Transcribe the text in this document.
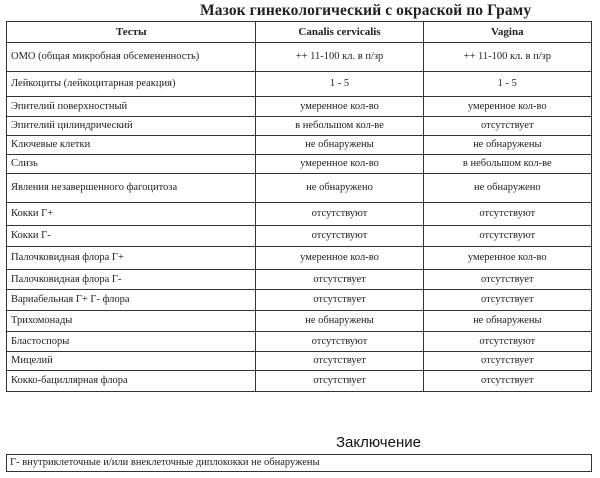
Мазок гинекологический с окраской по Граму
Тесты	Canalis cervicalis	Vagina
ОМО (общая микробная обсемененность)	++ 11-100 кл. в п/зр	++ 11-100 кл. в п/зр
Лейкоциты (лейкоцитарная реакция)	1 - 5	1 - 5
Эпителий поверхностный	умеренное кол-во	умеренное кол-во
Эпителий цилиндрический	в небольшом кол-ве	отсутствует
Ключевые клетки	не обнаружены	не обнаружены
Слизь	умеренное кол-во	в небольшом кол-ве
Явления незавершенного фагоцитоза	не обнаружено	не обнаружено
Кокки Г+	отсутствуют	отсутствуют
Кокки Г-	отсутствуют	отсутствуют
Палочковидная флора Г+	умеренное кол-во	умеренное кол-во
Палочковидная флора Г-	отсутствует	отсутствует
Вариабельная Г+ Г- флора	отсутствует	отсутствует
Трихомонады	не обнаружены	не обнаружены
Бластоспоры	отсутствуют	отсутствуют
Мицелий	отсутствует	отсутствует
Кокко-бациллярная флора	отсутствует	отсутствует
Заключение
Г- внутриклеточные и/или внеклеточные диплококки не обнаружены
